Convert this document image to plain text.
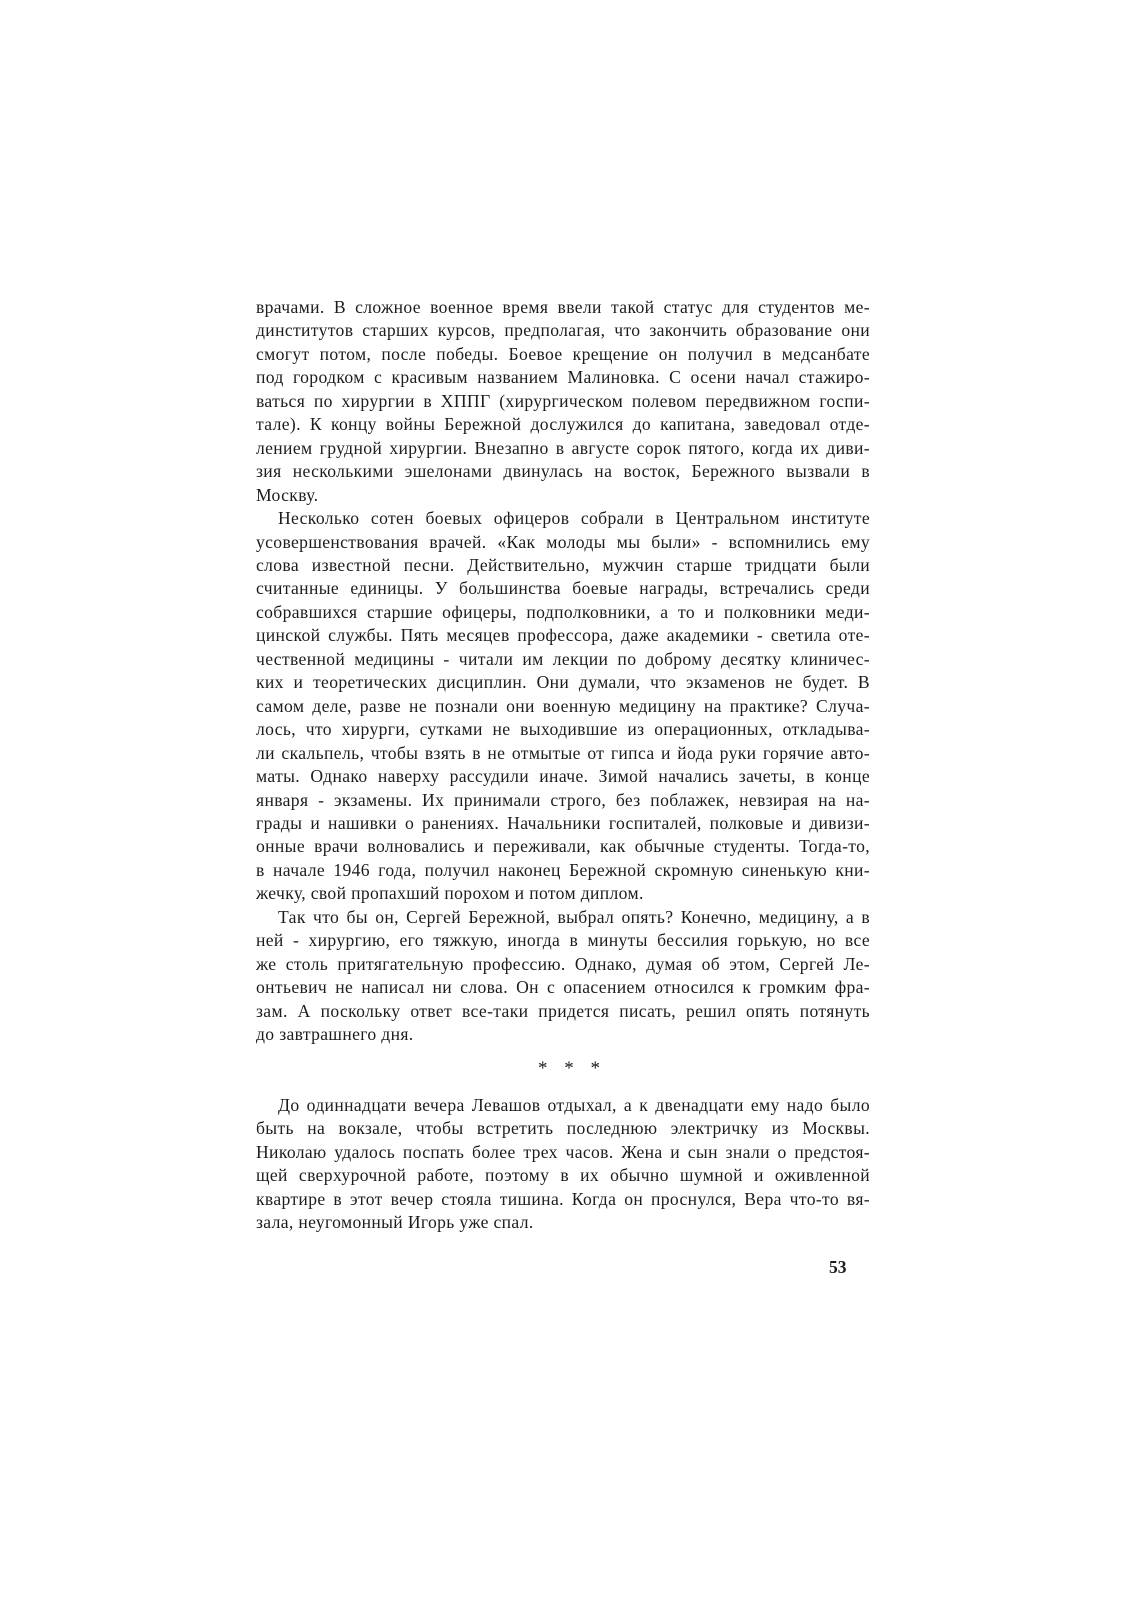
врачами. В сложное военное время ввели такой статус для студентов ме-
динститутов старших курсов, предполагая, что закончить образование они
смогут потом, после победы. Боевое крещение он получил в медсанбате
под городком с красивым названием Малиновка. С осени начал стажиро-
ваться по хирургии в ХППГ (хирургическом полевом передвижном госпи-
тале). К концу войны Бережной дослужился до капитана, заведовал отде-
лением грудной хирургии. Внезапно в августе сорок пятого, когда их диви-
зия несколькими эшелонами двинулась на восток, Бережного вызвали в
Москву.
Несколько сотен боевых офицеров собрали в Центральном институте
усовершенствования врачей. «Как молоды мы были» - вспомнились ему
слова известной песни. Действительно, мужчин старше тридцати были
считанные единицы. У большинства боевые награды, встречались среди
собравшихся старшие офицеры, подполковники, а то и полковники меди-
цинской службы. Пять месяцев профессора, даже академики - светила оте-
чественной медицины - читали им лекции по доброму десятку клиничес-
ких и теоретических дисциплин. Они думали, что экзаменов не будет. В
самом деле, разве не познали они военную медицину на практике? Случа-
лось, что хирурги, сутками не выходившие из операционных, откладыва-
ли скальпель, чтобы взять в не отмытые от гипса и йода руки горячие авто-
маты. Однако наверху рассудили иначе. Зимой начались зачеты, в конце
января - экзамены. Их принимали строго, без поблажек, невзирая на на-
грады и нашивки о ранениях. Начальники госпиталей, полковые и дивизи-
онные врачи волновались и переживали, как обычные студенты. Тогда-то,
в начале 1946 года, получил наконец Бережной скромную синенькую кни-
жечку, свой пропахший порохом и потом диплом.
Так что бы он, Сергей Бережной, выбрал опять? Конечно, медицину, а в
ней - хирургию, его тяжкую, иногда в минуты бессилия горькую, но все
же столь притягательную профессию. Однако, думая об этом, Сергей Ле-
онтьевич не написал ни слова. Он с опасением относился к громким фра-
зам. А поскольку ответ все-таки придется писать, решил опять потянуть
до завтрашнего дня.
* * *
До одиннадцати вечера Левашов отдыхал, а к двенадцати ему надо было
быть на вокзале, чтобы встретить последнюю электричку из Москвы.
Николаю удалось поспать более трех часов. Жена и сын знали о предстоя-
щей сверхурочной работе, поэтому в их обычно шумной и оживленной
квартире в этот вечер стояла тишина. Когда он проснулся, Вера что-то вя-
зала, неугомонный Игорь уже спал.
53
